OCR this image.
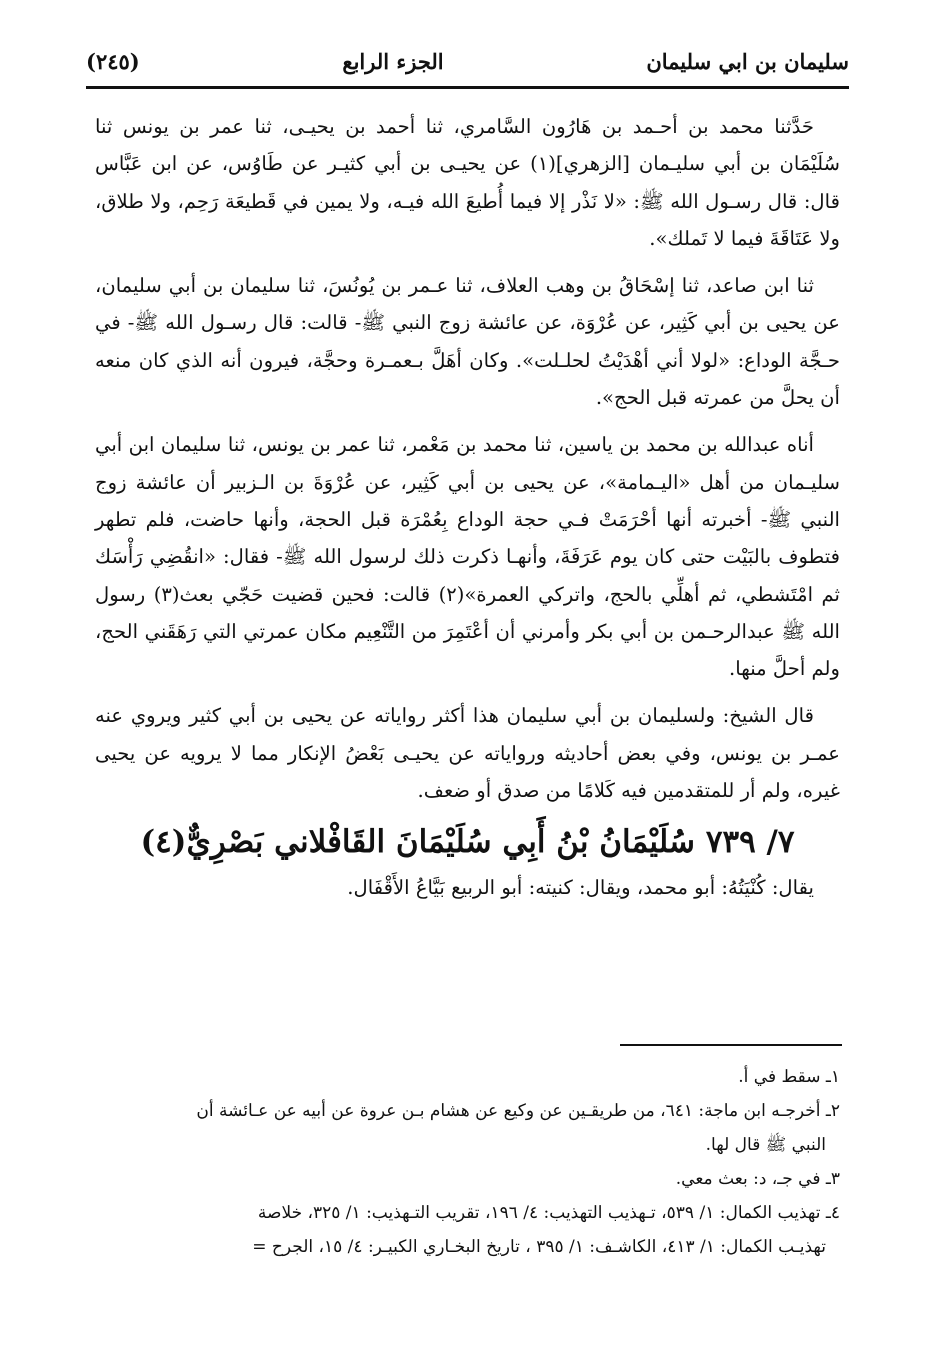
(٢٤٥)	الجزء الرابع	سليمان بن ابي سليمان

حَدَّثنا محمد بن أحـمد بن هَارُون السَّامري، ثنا أحمد بن يحيـى، ثنا عمر بن يونس ثنا سُلَيْمَان بن أبي سليـمان [الزهري](١) عن يحيـى بن أبي كثيـر عن طَاوُس، عن ابن عَبَّاس قال: قال رسـول الله ﷺ: «لا نَذْر إلا فيما أُطيعَ الله فيـه، ولا يمين في قَطيعَة رَحِم، ولا طلاق، ولا عَتَاقَةَ فيما لا تَملك».

ثنا ابن صاعد، ثنا إسْحَاقُ بن وهب العلاف، ثنا عـمر بن يُونُسَ، ثنا سليمان بن أبي سليمان، عن يحيى بن أبي كَثِير، عن عُرْوَة، عن عائشة زوج النبي ﷺ- قالت: قال رسـول الله ﷺ- في حـجَّة الوداع: «لولا أني أهْدَيْتُ لحلـلت». وكان أهَلَّ بـعمـرة وحجَّة، فيرون أنه الذي كان منعه أن يحلَّ من عمرته قبل الحج».

أناه عبدالله بن محمد بن ياسين، ثنا محمد بن مَعْمر، ثنا عمر بن يونس، ثنا سليمان ابن أبي سليـمان من أهل «اليـمامة»، عن يحيى بن أبي كَثِير، عن عُرْوَةَ بن الـزبير أن عائشة زوج النبي ﷺ- أخبرته أنها أحْرَمَتْ فـي حجة الوداع بِعُمْرَة قبل الحجة، وأنها حاضت، فلم تطهر فتطوف بالبَيْت حتى كان يوم عَرَفَةَ، وأنهـا ذكرت ذلك لرسول الله ﷺ- فقال: «انقُضِي رَأْسَك ثم امْتَشطي، ثم أهلِّي بالحج، واتركي العمرة»(٢) قالت: فحين قضيت حَجّي بعث(٣) رسول الله ﷺ عبدالرحـمن بن أبي بكر وأمرني أن أعْتَمِرَ من التَّنْعِيم مكان عمرتي التي رَهَقَني الحج، ولم أحلَّ منها.

قال الشيخ: ولسليمان بن أبي سليمان هذا أكثر رواياته عن يحيى بن أبي كثير ويروي عنه عمـر بن يونس، وفي بعض أحاديثه ورواياته عن يحيـى بَعْضُ الإنكار مما لا يرويه عن يحيى غيره، ولم أر للمتقدمين فيه كَلامًا من صدق أو ضعف.

٧/ ٧٣٩ سُلَيْمَانُ بْنُ أَبِي سُلَيْمَانَ القَافْلاني بَصْرِيٌّ(٤)

يقال: كُنْيَتُهُ: أبو محمد، ويقال: كنيته: أبو الربيع بَيَّاعُ الأَقْفَال.

١ـ سقط في أ.
٢ـ أخرجـه ابن ماجة: ٦٤١، من طريقـين عن وكيع عن هشام بـن عروة عن أبيه عن عـائشة أن
النبي ﷺ قال لها.
٣ـ في جـ، د: بعث معي.
٤ـ تهذيب الكمال: ١/ ٥٣٩، تـهذيب التهذيب: ٤/ ١٩٦، تقريب التـهذيب: ١/ ٣٢٥، خلاصة
تهذيـب الكمال: ١/ ٤١٣، الكاشـف: ١/ ٣٩٥ ، تاريخ البخـاري الكبيـر: ٤/ ١٥، الجرح =
